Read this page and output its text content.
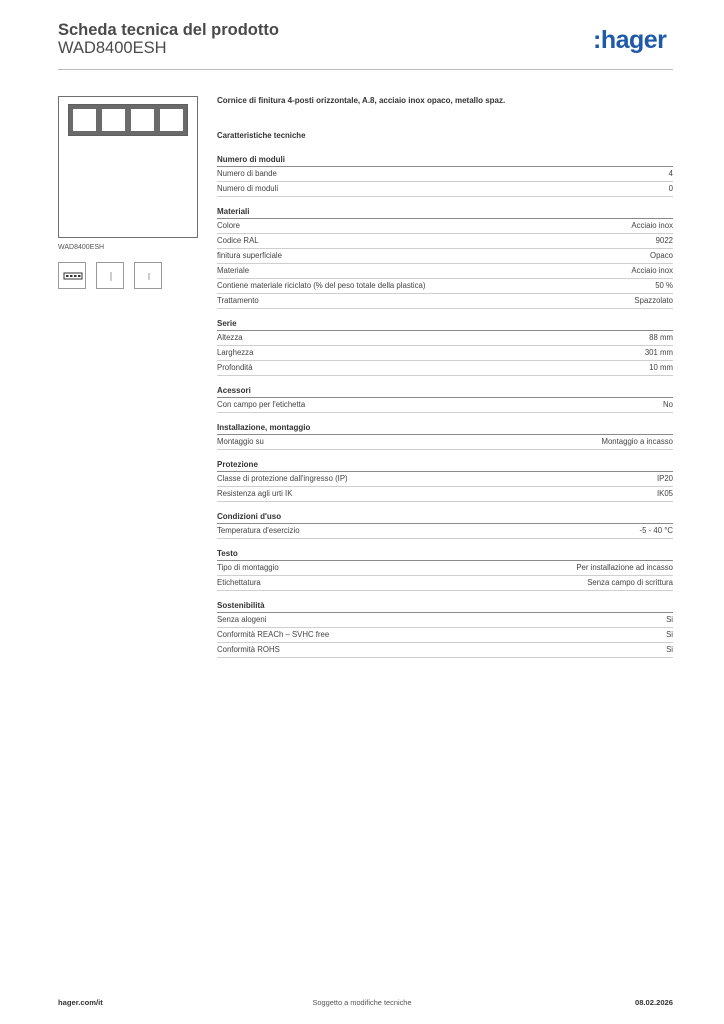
Scheda tecnica del prodotto
WAD8400ESH	:hager
WAD8400ESH
Cornice di finitura 4-posti orizzontale, A.8, acciaio inox opaco, metallo spaz.
Caratteristiche tecniche
Numero di moduli
Numero di bande	4
Numero di moduli	0
Materiali
Colore	Acciaio inox
Codice RAL	9022
finitura superficiale	Opaco
Materiale	Acciaio inox
Contiene materiale riciclato (% del peso totale della plastica)	50 %
Trattamento	Spazzolato
Serie
Altezza	88 mm
Larghezza	301 mm
Profondità	10 mm
Acessori
Con campo per l'etichetta	No
Installazione, montaggio
Montaggio su	Montaggio a incasso
Protezione
Classe di protezione dall'ingresso (IP)	IP20
Resistenza agli urti IK	IK05
Condizioni d'uso
Temperatura d'esercizio	-5 - 40 °C
Testo
Tipo di montaggio	Per installazione ad incasso
Etichettatura	Senza campo di scrittura
Sostenibilità
Senza alogeni	Si
Conformità REACh – SVHC free	Si
Conformità ROHS	Si
hager.com/it	Soggetto a modifiche tecniche	08.02.2026
